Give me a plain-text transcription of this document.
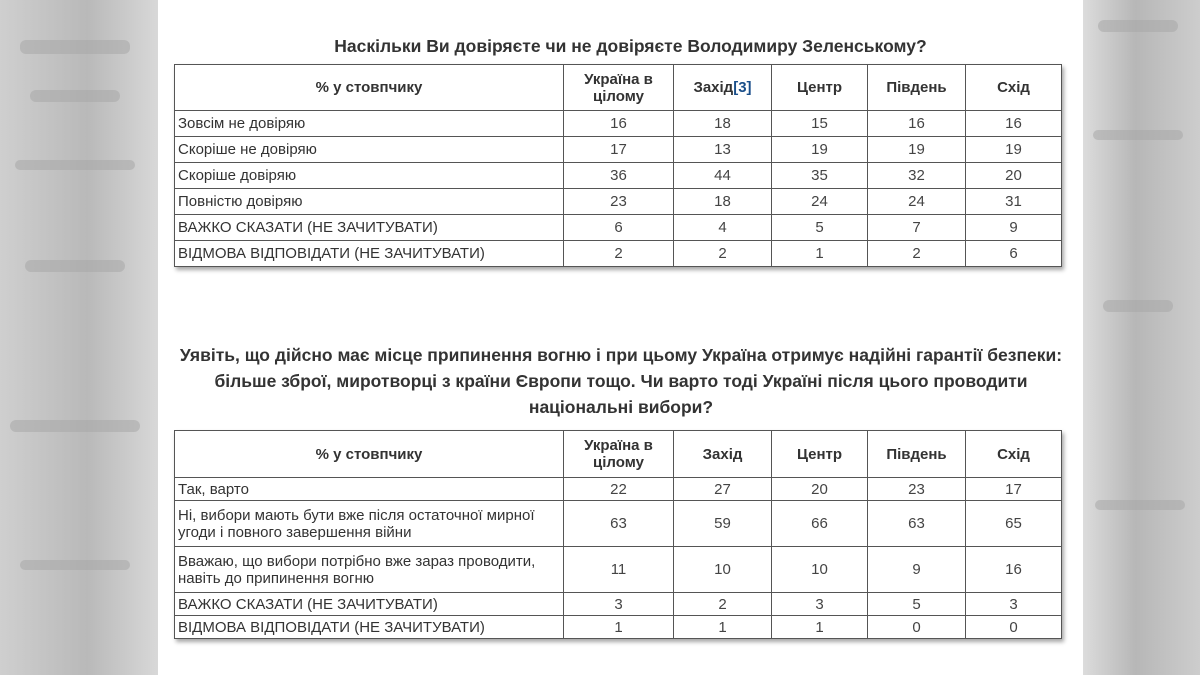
Наскільки Ви довіряєте чи не довіряєте Володимиру Зеленському?
% у стовпчику	Україна в цілому	Захід[3]	Центр	Південь	Схід
Зовсім не довіряю	16	18	15	16	16
Скоріше не довіряю	17	13	19	19	19
Скоріше довіряю	36	44	35	32	20
Повністю довіряю	23	18	24	24	31
ВАЖКО СКАЗАТИ (НЕ ЗАЧИТУВАТИ)	6	4	5	7	9
ВІДМОВА ВІДПОВІДАТИ (НЕ ЗАЧИТУВАТИ)	2	2	1	2	6
Уявіть, що дійсно має місце припинення вогню і при цьому Україна отримує надійні гарантії безпеки: більше зброї, миротворці з країни Європи тощо. Чи варто тоді Україні після цього проводити національні вибори?
% у стовпчику	Україна в цілому	Захід	Центр	Південь	Схід
Так, варто	22	27	20	23	17
Ні, вибори мають бути вже після остаточної мирної угоди і повного завершення війни	63	59	66	63	65
Вважаю, що вибори потрібно вже зараз проводити, навіть до припинення вогню	11	10	10	9	16
ВАЖКО СКАЗАТИ (НЕ ЗАЧИТУВАТИ)	3	2	3	5	3
ВІДМОВА ВІДПОВІДАТИ (НЕ ЗАЧИТУВАТИ)	1	1	1	0	0
